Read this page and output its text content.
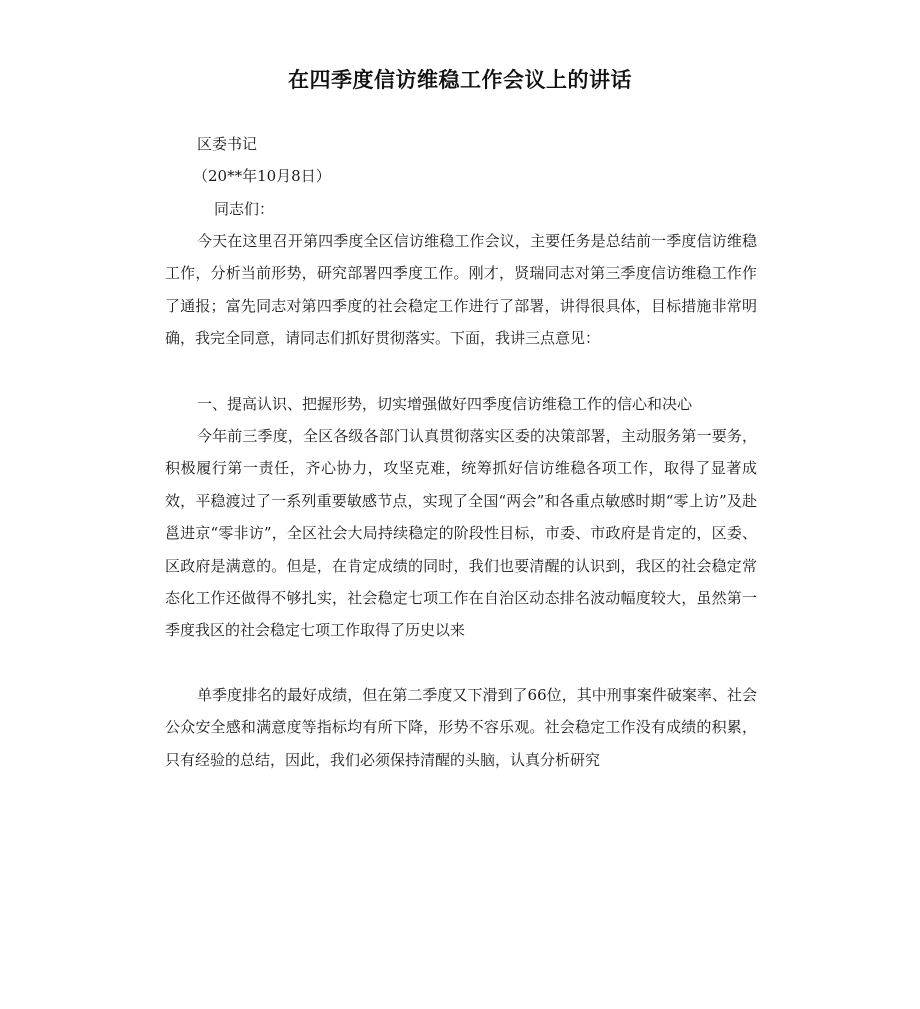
在四季度信访维稳工作会议上的讲话
区委书记
（20**年10月8日）
同志们：
今天在这里召开第四季度全区信访维稳工作会议，主要任务是总结前一季度信访维稳工作，分析当前形势，研究部署四季度工作。刚才，贤瑞同志对第三季度信访维稳工作作了通报；富先同志对第四季度的社会稳定工作进行了部署，讲得很具体，目标措施非常明确，我完全同意，请同志们抓好贯彻落实。下面，我讲三点意见：
一、提高认识、把握形势，切实增强做好四季度信访维稳工作的信心和决心
今年前三季度，全区各级各部门认真贯彻落实区委的决策部署，主动服务第一要务，积极履行第一责任，齐心协力，攻坚克难，统筹抓好信访维稳各项工作，取得了显著成效，平稳渡过了一系列重要敏感节点，实现了全国“两会”和各重点敏感时期“零上访”及赴邕进京“零非访”，全区社会大局持续稳定的阶段性目标，市委、市政府是肯定的，区委、区政府是满意的。但是，在肯定成绩的同时，我们也要清醒的认识到，我区的社会稳定常态化工作还做得不够扎实，社会稳定七项工作在自治区动态排名波动幅度较大，虽然第一季度我区的社会稳定七项工作取得了历史以来
单季度排名的最好成绩，但在第二季度又下滑到了66位，其中刑事案件破案率、社会公众安全感和满意度等指标均有所下降，形势不容乐观。社会稳定工作没有成绩的积累，只有经验的总结，因此，我们必须保持清醒的头脑，认真分析研究
